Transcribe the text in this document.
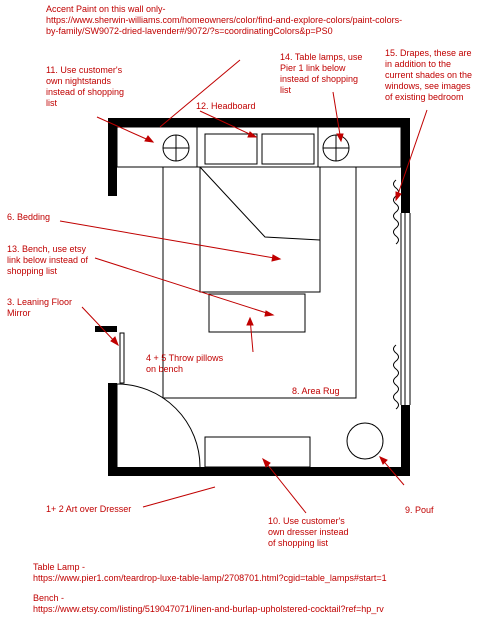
Accent Paint on this wall only-
https://www.sherwin-williams.com/homeowners/color/find-and-explore-colors/paint-colors-
by-family/SW9072-dried-lavender#/9072/?s=coordinatingColors&p=PS0
11. Use customer's
own nightstands
instead of shopping
list
14. Table lamps, use
Pier 1 link below
instead of shopping
list
15. Drapes, these are
in addition to the
current shades on the
windows, see images
of existing bedroom
12. Headboard
6. Bedding
13. Bench, use etsy
link below instead of
shopping list
3. Leaning Floor
Mirror
4 + 5 Throw pillows
on bench
8. Area Rug
1+ 2 Art over Dresser
10. Use customer's
own dresser instead
of shopping list
9. Pouf
Table Lamp -
https://www.pier1.com/teardrop-luxe-table-lamp/2708701.html?cgid=table_lamps#start=1
Bench -
https://www.etsy.com/listing/519047071/linen-and-burlap-upholstered-cocktail?ref=hp_rv
